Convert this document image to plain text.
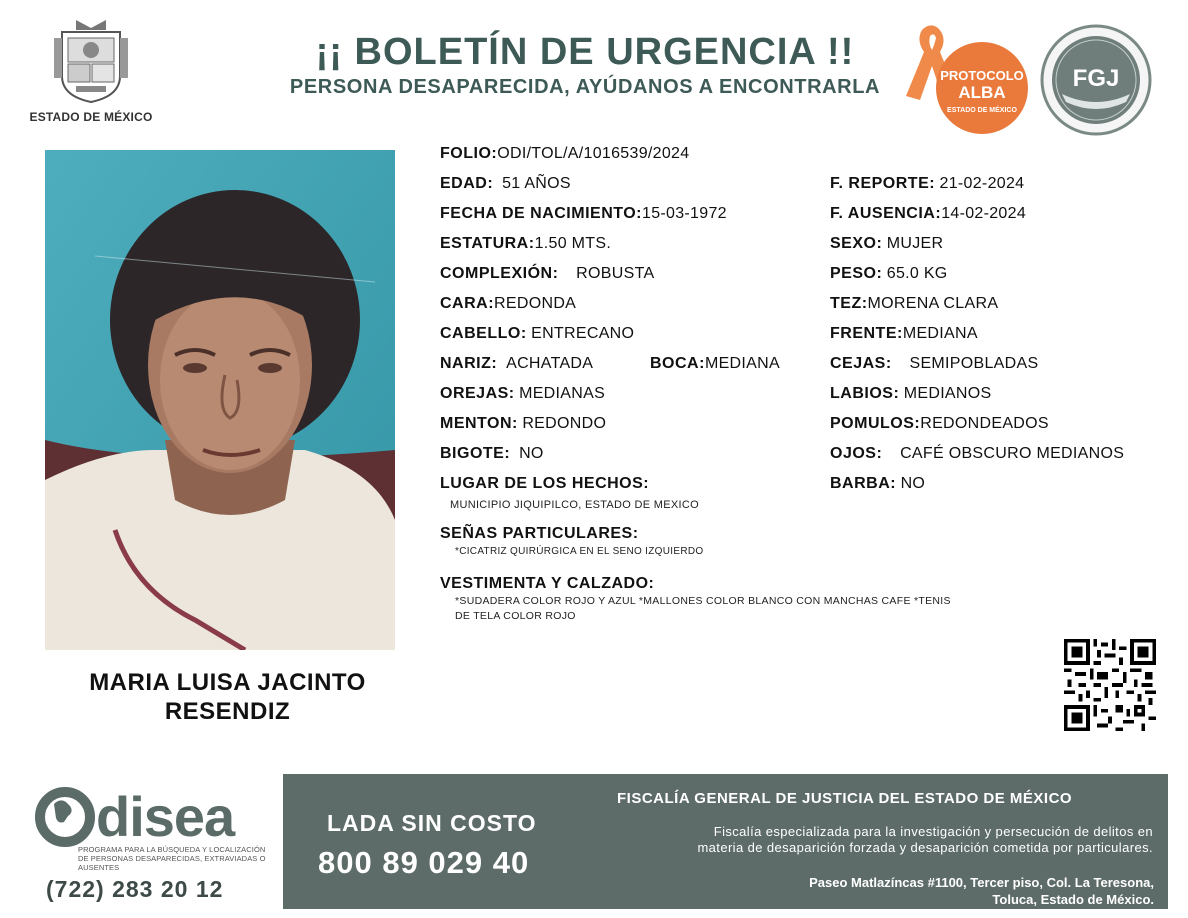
ESTADO DE MÉXICO
¡¡ BOLETÍN DE URGENCIA !!
PERSONA DESAPARECIDA, AYÚDANOS A ENCONTRARLA
PROTOCOLO
ALBA
ESTADO DE MÉXICO
FGJ
MARIA LUISA JACINTO
RESENDIZ
FOLIO:ODI/TOL/A/1016539/2024
EDAD: 51 AÑOS
FECHA DE NACIMIENTO:15-03-1972
ESTATURA:1.50 MTS.
COMPLEXIÓN: ROBUSTA
CARA:REDONDA
CABELLO: ENTRECANO
NARIZ: ACHATADA	BOCA:MEDIANA
OREJAS: MEDIANAS
MENTON: REDONDO
BIGOTE: NO
F. REPORTE: 21-02-2024
F. AUSENCIA:14-02-2024
SEXO: MUJER
PESO: 65.0 KG
TEZ:MORENA CLARA
FRENTE:MEDIANA
CEJAS: SEMIPOBLADAS
LABIOS: MEDIANOS
POMULOS:REDONDEADOS
OJOS: CAFÉ OBSCURO MEDIANOS
BARBA: NO
LUGAR DE LOS HECHOS:
MUNICIPIO JIQUIPILCO, ESTADO DE MEXICO
SEÑAS PARTICULARES:
*CICATRIZ QUIRÚRGICA EN EL SENO IZQUIERDO
VESTIMENTA Y CALZADO:
*SUDADERA COLOR ROJO Y AZUL *MALLONES COLOR BLANCO CON MANCHAS CAFE *TENIS
DE TELA COLOR ROJO
disea
PROGRAMA PARA LA BÚSQUEDA Y LOCALIZACIÓN DE PERSONAS DESAPARECIDAS, EXTRAVIADAS O AUSENTES
(722) 283 20 12
LADA SIN COSTO
800 89 029 40
FISCALÍA GENERAL DE JUSTICIA DEL ESTADO DE MÉXICO
Fiscalía especializada para la investigación y persecución de delitos en
materia de desaparición forzada y desaparición cometida por particulares.
Paseo Matlazíncas #1100, Tercer piso, Col. La Teresona,
Toluca, Estado de México.
